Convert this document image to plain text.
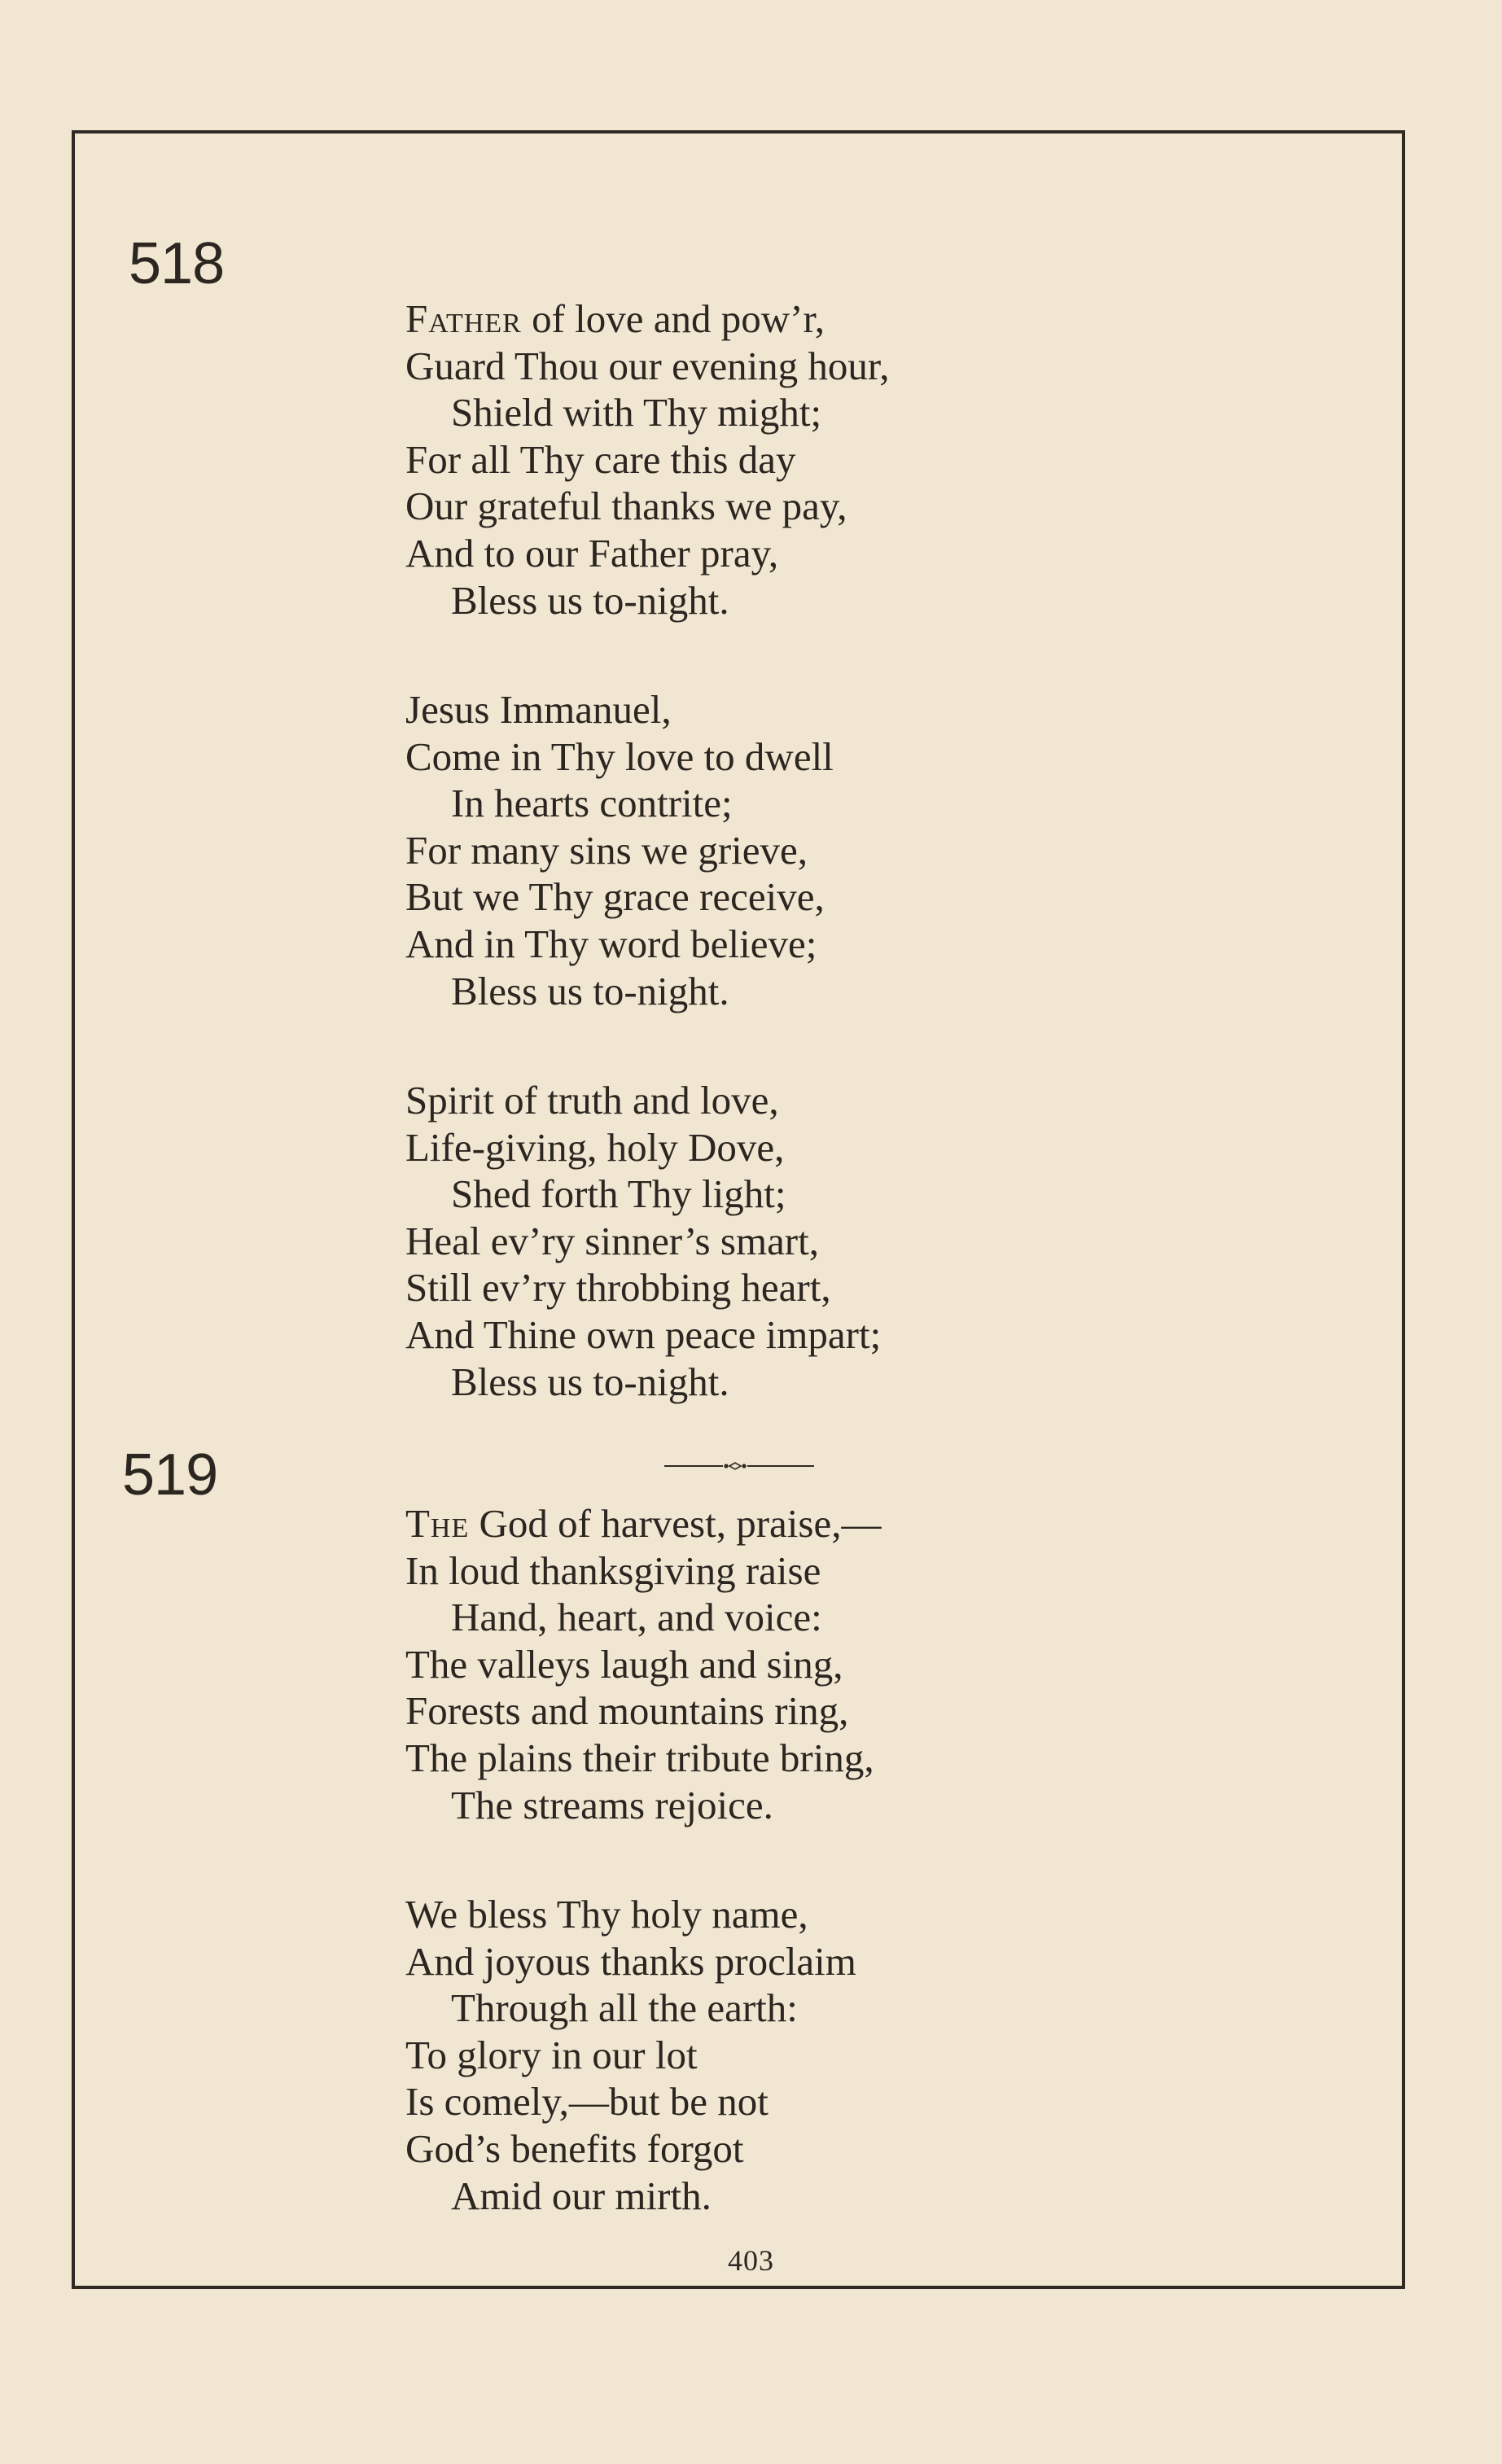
518
519
Father of love and pow’r,
Guard Thou our evening hour,
Shield with Thy might;
For all Thy care this day
Our grateful thanks we pay,
And to our Father pray,
Bless us to-night.
Jesus Immanuel,
Come in Thy love to dwell
In hearts contrite;
For many sins we grieve,
But we Thy grace receive,
And in Thy word believe;
Bless us to-night.
Spirit of truth and love,
Life-giving, holy Dove,
Shed forth Thy light;
Heal ev’ry sinner’s smart,
Still ev’ry throbbing heart,
And Thine own peace impart;
Bless us to-night.
The God of harvest, praise,—
In loud thanksgiving raise
Hand, heart, and voice:
The valleys laugh and sing,
Forests and mountains ring,
The plains their tribute bring,
The streams rejoice.
We bless Thy holy name,
And joyous thanks proclaim
Through all the earth:
To glory in our lot
Is comely,—but be not
God’s benefits forgot
Amid our mirth.
403
